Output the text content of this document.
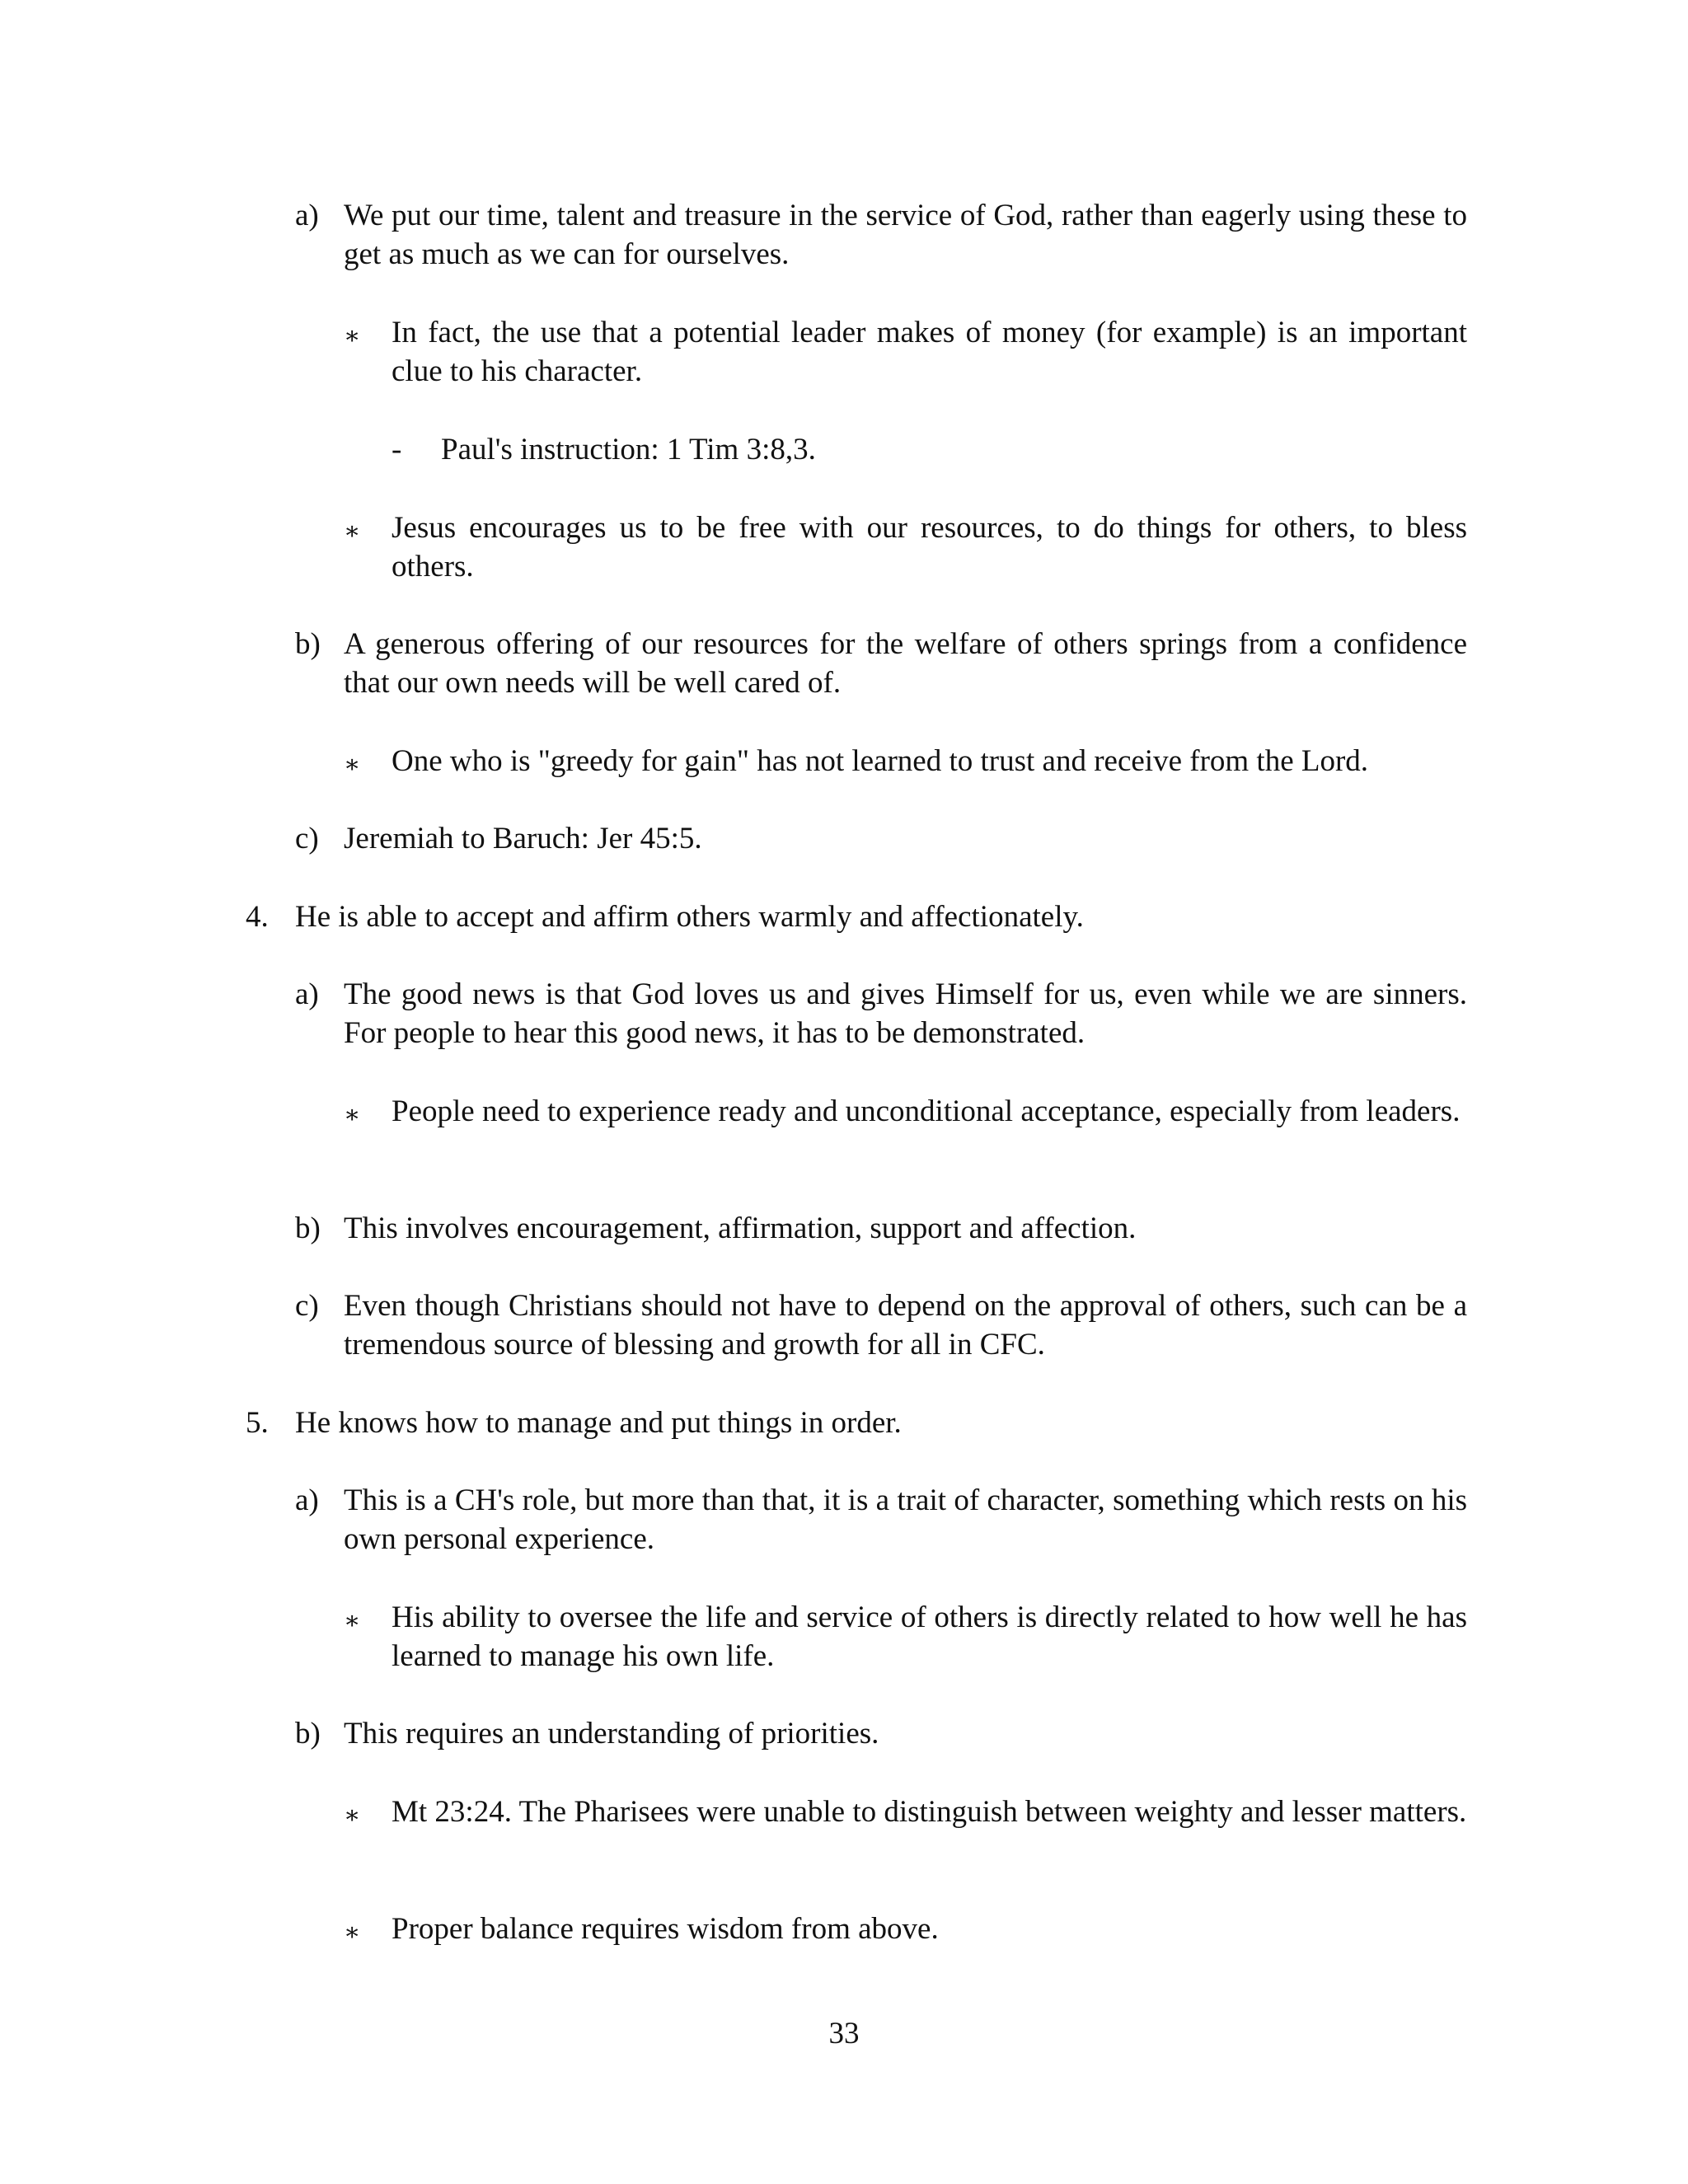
a) We put our time, talent and treasure in the service of God, rather than eagerly using these to get as much as we can for ourselves.
∗ In fact, the use that a potential leader makes of money (for example) is an important clue to his character.
- Paul's instruction: 1 Tim 3:8,3.
∗ Jesus encourages us to be free with our resources, to do things for others, to bless others.
b) A generous offering of our resources for the welfare of others springs from a confidence that our own needs will be well cared of.
∗ One who is "greedy for gain" has not learned to trust and receive from the Lord.
c) Jeremiah to Baruch: Jer 45:5.
4. He is able to accept and affirm others warmly and affectionately.
a) The good news is that God loves us and gives Himself for us, even while we are sinners. For people to hear this good news, it has to be demonstrated.
∗ People need to experience ready and unconditional acceptance, especially from leaders.
b) This involves encouragement, affirmation, support and affection.
c) Even though Christians should not have to depend on the approval of others, such can be a tremendous source of blessing and growth for all in CFC.
5. He knows how to manage and put things in order.
a) This is a CH's role, but more than that, it is a trait of character, something which rests on his own personal experience.
∗ His ability to oversee the life and service of others is directly related to how well he has learned to manage his own life.
b) This requires an understanding of priorities.
∗ Mt 23:24. The Pharisees were unable to distinguish between weighty and lesser matters.
∗ Proper balance requires wisdom from above.
33
